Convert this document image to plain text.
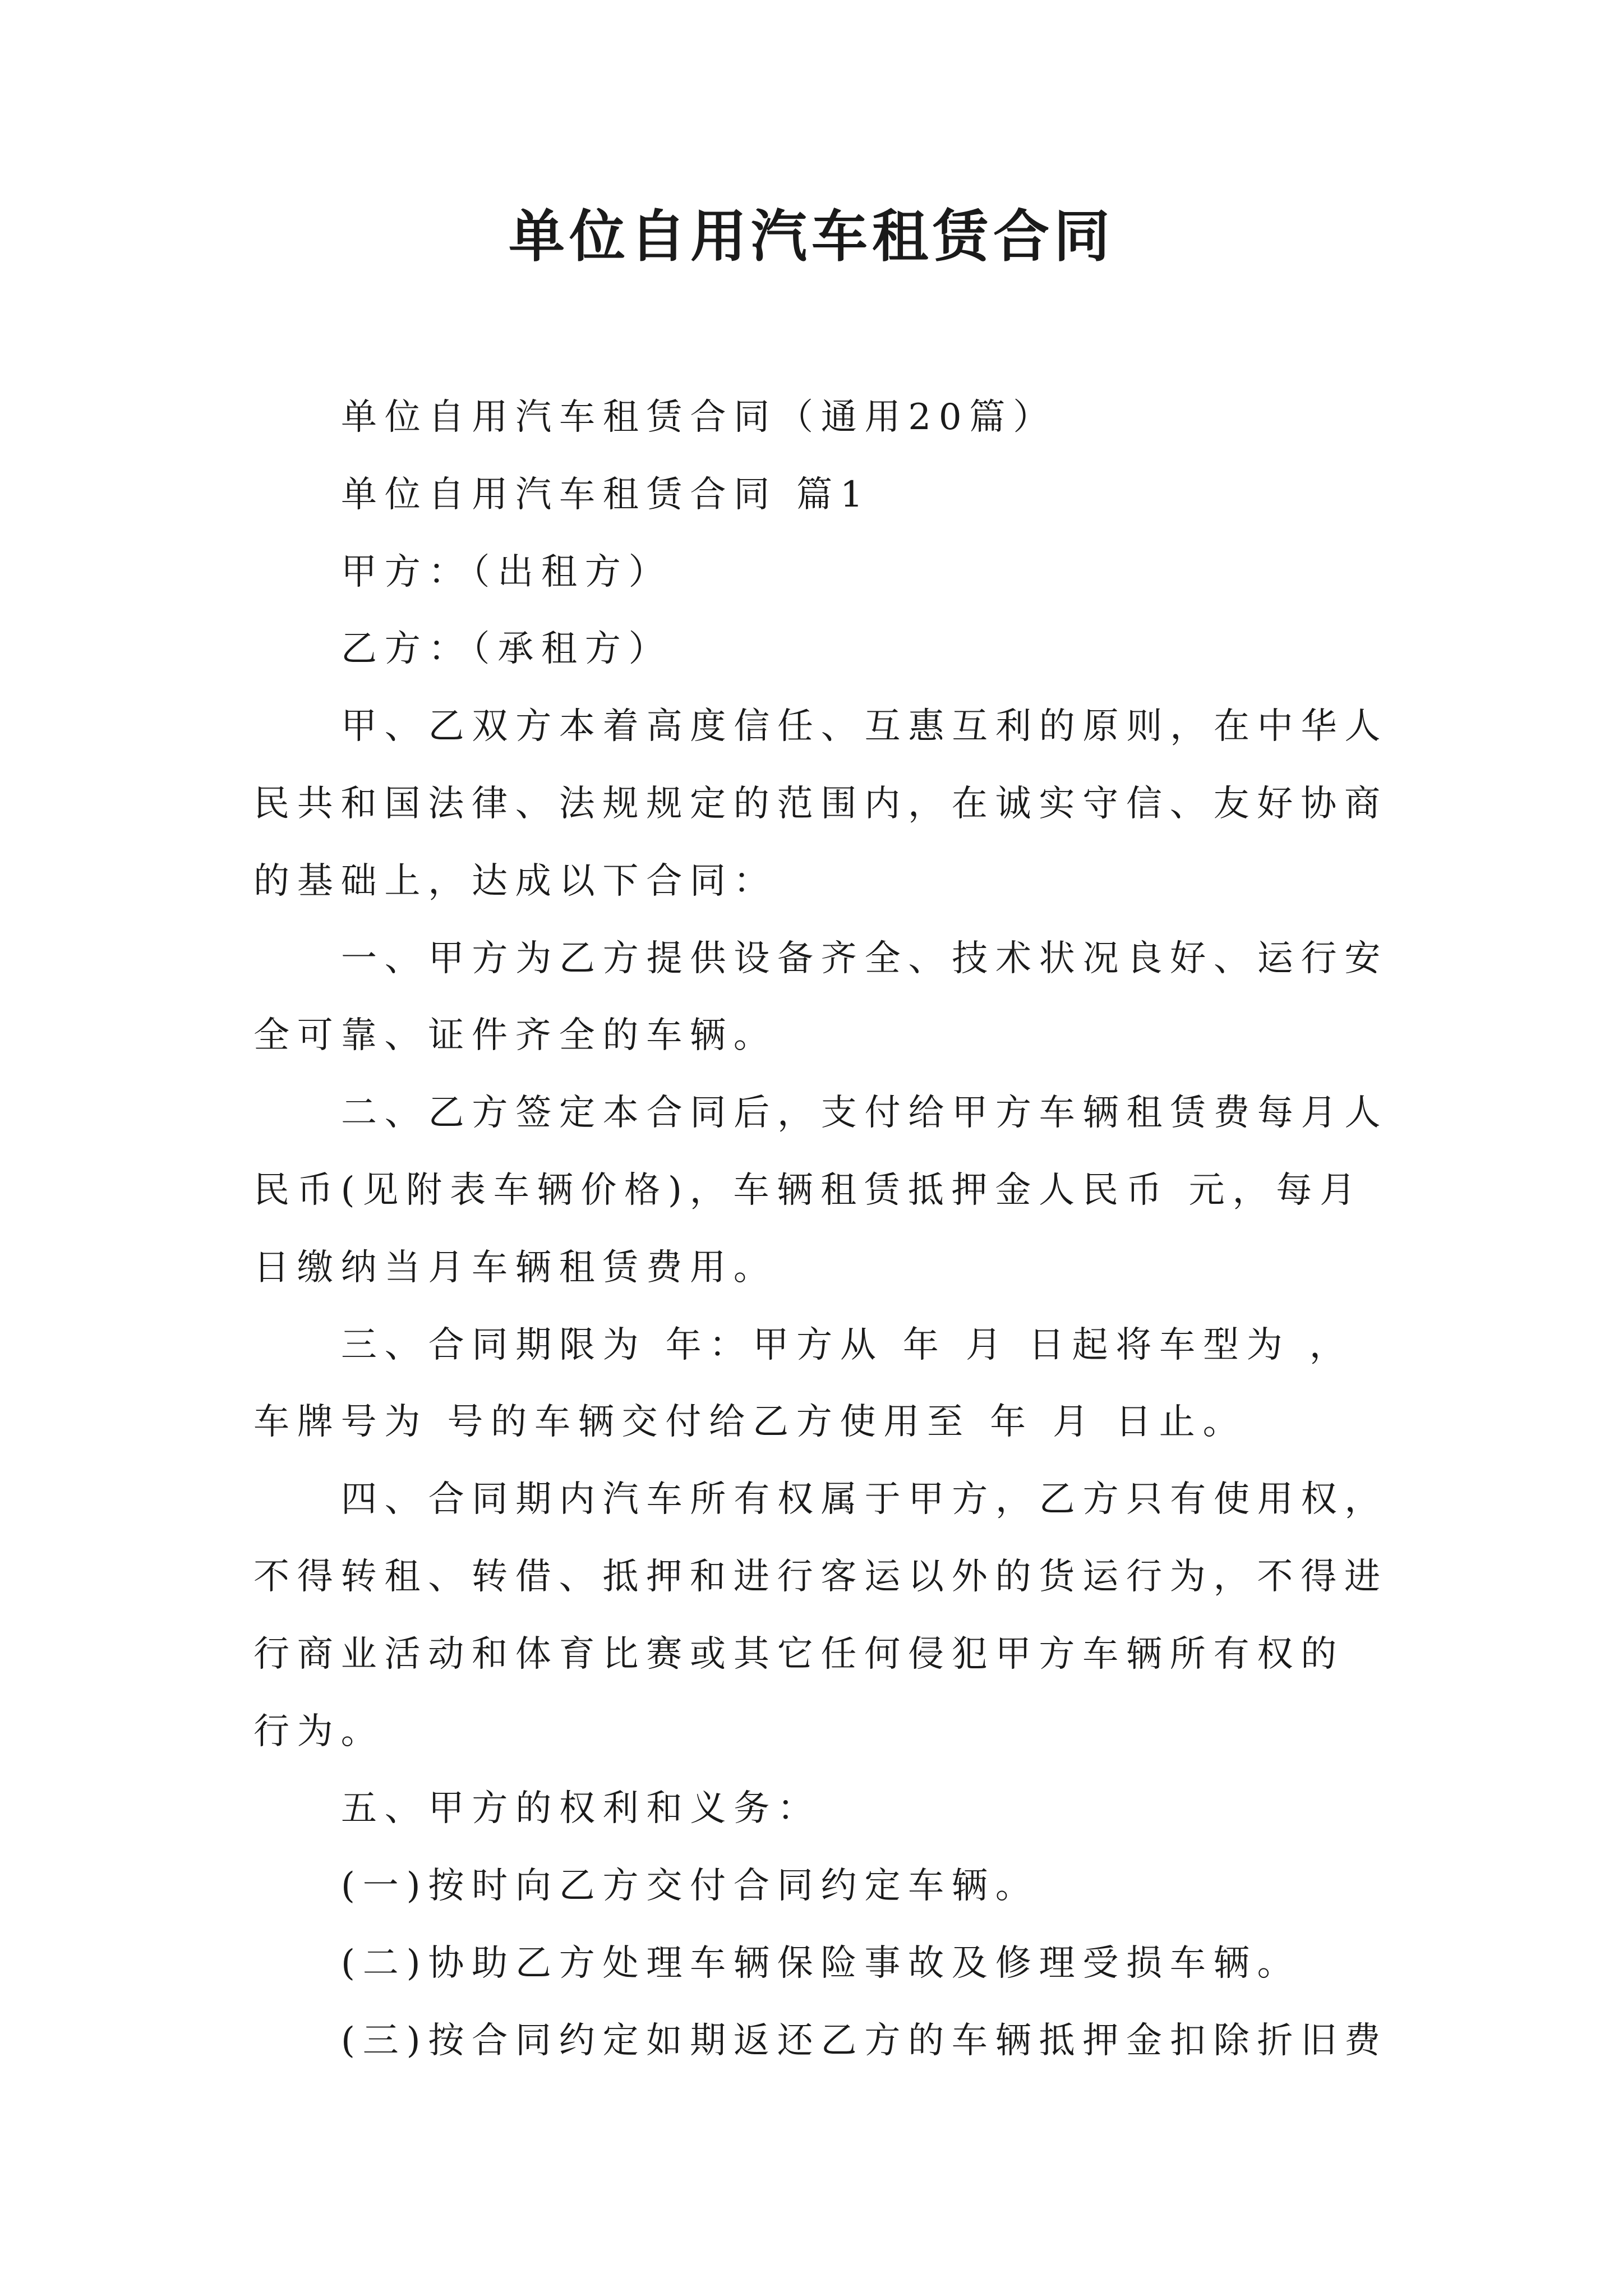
单位自用汽车租赁合同
单位自用汽车租赁合同（通用20篇）
单位自用汽车租赁合同 篇1
甲方：（出租方）
乙方：（承租方）
甲、乙双方本着高度信任、互惠互利的原则，在中华人
民共和国法律、法规规定的范围内，在诚实守信、友好协商
的基础上，达成以下合同：
一、甲方为乙方提供设备齐全、技术状况良好、运行安
全可靠、证件齐全的车辆。
二、乙方签定本合同后，支付给甲方车辆租赁费每月人
民币(见附表车辆价格)，车辆租赁抵押金人民币 元，每月
日缴纳当月车辆租赁费用。
三、合同期限为 年：甲方从 年 月 日起将车型为 ，
车牌号为 号的车辆交付给乙方使用至 年 月 日止。
四、合同期内汽车所有权属于甲方，乙方只有使用权，
不得转租、转借、抵押和进行客运以外的货运行为，不得进
行商业活动和体育比赛或其它任何侵犯甲方车辆所有权的
行为。
五、甲方的权利和义务：
(一)按时向乙方交付合同约定车辆。
(二)协助乙方处理车辆保险事故及修理受损车辆。
(三)按合同约定如期返还乙方的车辆抵押金扣除折旧费
